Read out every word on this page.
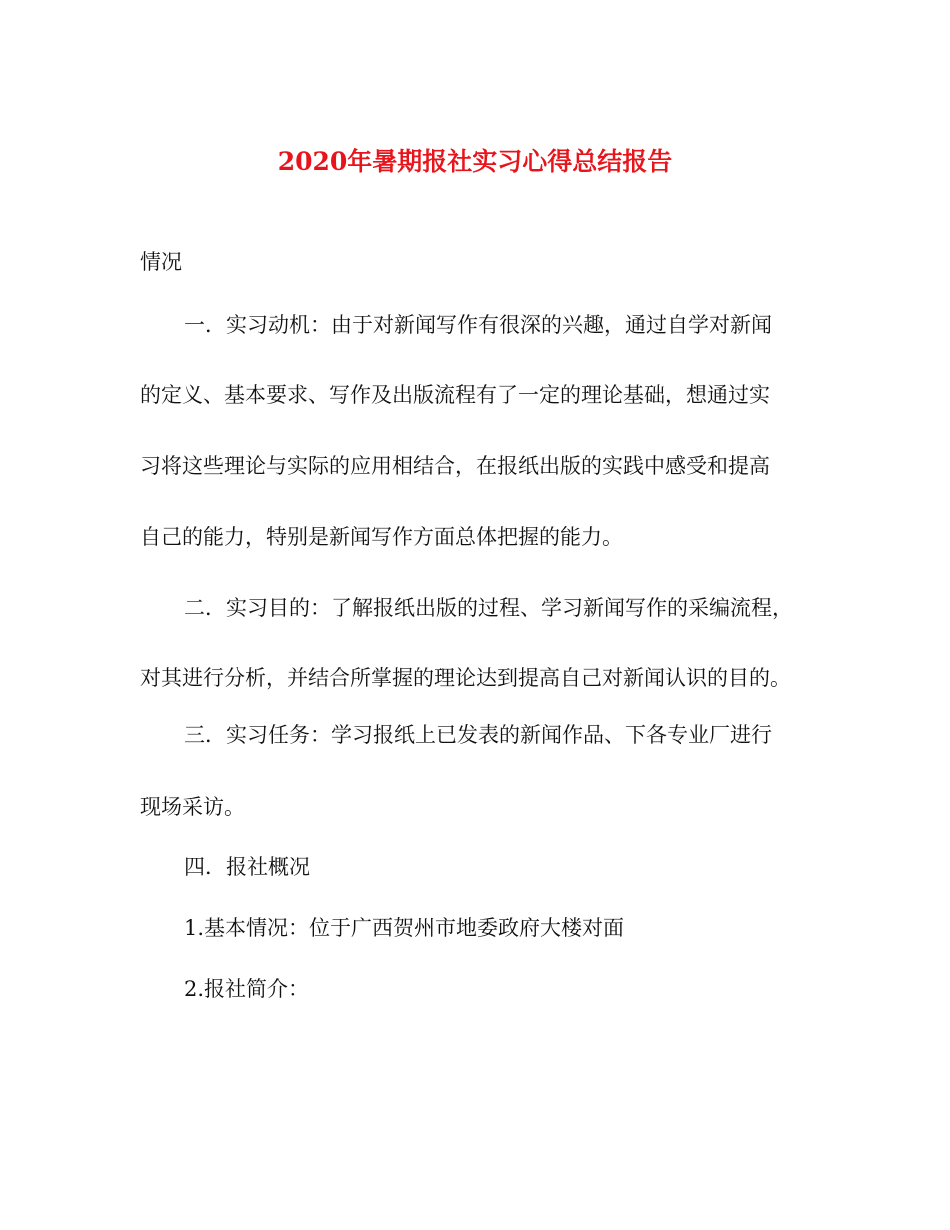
2020年暑期报社实习心得总结报告

情况

一．实习动机：由于对新闻写作有很深的兴趣，通过自学对新闻

的定义、基本要求、写作及出版流程有了一定的理论基础，想通过实

习将这些理论与实际的应用相结合，在报纸出版的实践中感受和提高

自己的能力，特别是新闻写作方面总体把握的能力。

二．实习目的：了解报纸出版的过程、学习新闻写作的采编流程，

对其进行分析，并结合所掌握的理论达到提高自己对新闻认识的目的。

三．实习任务：学习报纸上已发表的新闻作品、下各专业厂进行

现场采访。

四．报社概况

1.基本情况：位于广西贺州市地委政府大楼对面

2.报社简介：
